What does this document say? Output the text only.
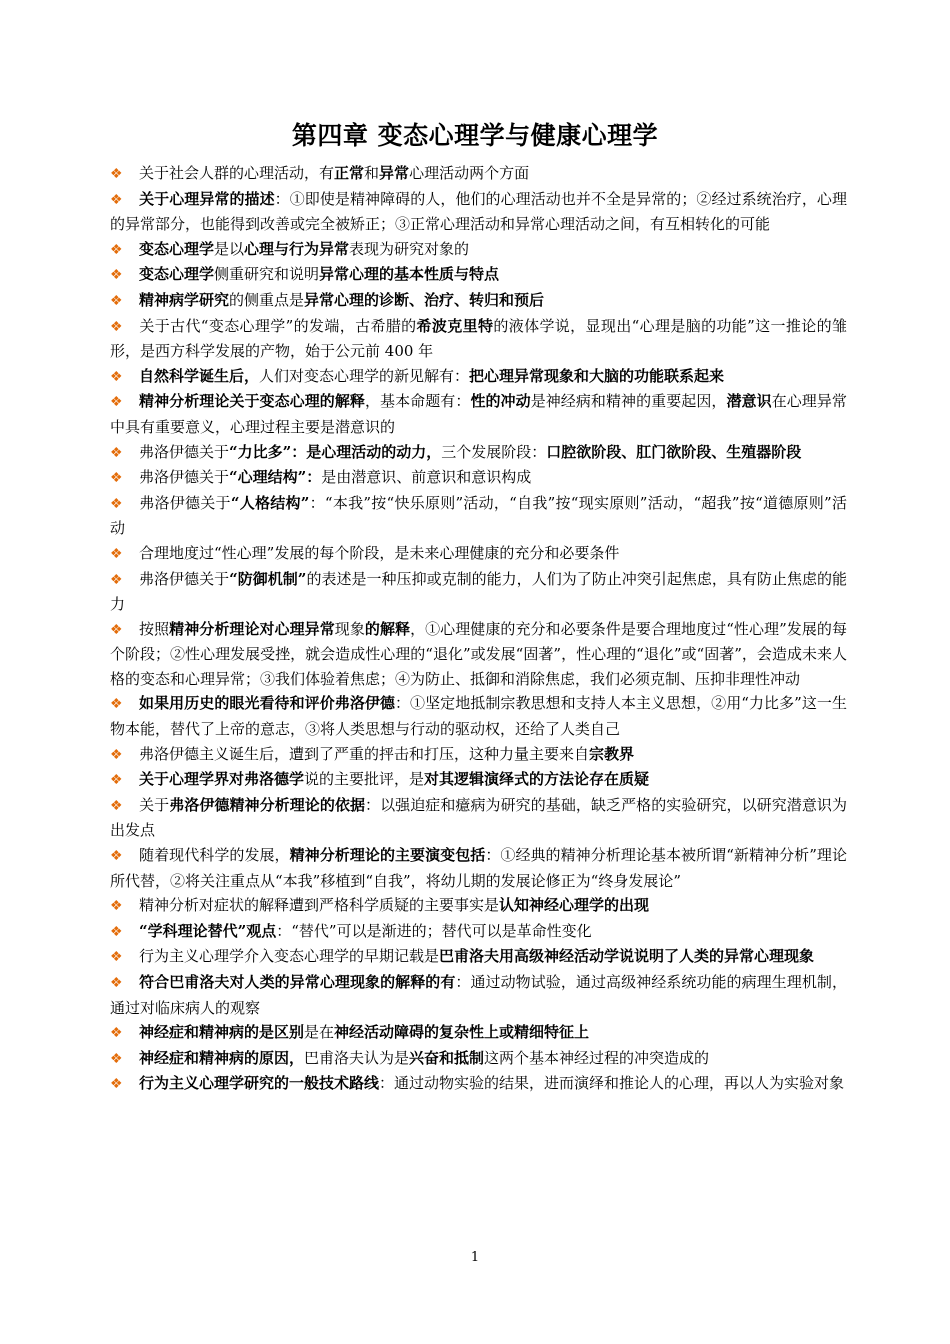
第四章 变态心理学与健康心理学

❖ 关于社会人群的心理活动，有正常和异常心理活动两个方面

❖ 关于心理异常的描述：①即使是精神障碍的人，他们的心理活动也并不全是异常的；②经过系统治疗，心理的异常部分，也能得到改善或完全被矫正；③正常心理活动和异常心理活动之间，有互相转化的可能

❖ 变态心理学是以心理与行为异常表现为研究对象的

❖ 变态心理学侧重研究和说明异常心理的基本性质与特点

❖ 精神病学研究的侧重点是异常心理的诊断、治疗、转归和预后

❖ 关于古代“变态心理学”的发端，古希腊的希波克里特的液体学说，显现出“心理是脑的功能”这一推论的雏形，是西方科学发展的产物，始于公元前 400 年

❖ 自然科学诞生后，人们对变态心理学的新见解有：把心理异常现象和大脑的功能联系起来

❖ 精神分析理论关于变态心理的解释，基本命题有：性的冲动是神经病和精神的重要起因，潜意识在心理异常中具有重要意义，心理过程主要是潜意识的

❖ 弗洛伊德关于“力比多”：是心理活动的动力，三个发展阶段：口腔欲阶段、肛门欲阶段、生殖器阶段

❖ 弗洛伊德关于“心理结构”：是由潜意识、前意识和意识构成

❖ 弗洛伊德关于“人格结构”：“本我”按“快乐原则”活动，“自我”按“现实原则”活动，“超我”按“道德原则”活动

❖ 合理地度过“性心理”发展的每个阶段，是未来心理健康的充分和必要条件

❖ 弗洛伊德关于“防御机制”的表述是一种压抑或克制的能力，人们为了防止冲突引起焦虑，具有防止焦虑的能力

❖ 按照精神分析理论对心理异常现象的解释，①心理健康的充分和必要条件是要合理地度过“性心理”发展的每个阶段；②性心理发展受挫，就会造成性心理的“退化”或发展“固著”，性心理的“退化”或“固著”，会造成未来人格的变态和心理异常；③我们体验着焦虑；④为防止、抵御和消除焦虑，我们必须克制、压抑非理性冲动

❖ 如果用历史的眼光看待和评价弗洛伊德：①坚定地抵制宗教思想和支持人本主义思想，②用“力比多”这一生物本能，替代了上帝的意志，③将人类思想与行动的驱动权，还给了人类自己

❖ 弗洛伊德主义诞生后，遭到了严重的抨击和打压，这种力量主要来自宗教界

❖ 关于心理学界对弗洛德学说的主要批评，是对其逻辑演绎式的方法论存在质疑

❖ 关于弗洛伊德精神分析理论的依据：以强迫症和癔病为研究的基础，缺乏严格的实验研究，以研究潜意识为出发点

❖ 随着现代科学的发展，精神分析理论的主要演变包括：①经典的精神分析理论基本被所谓“新精神分析”理论所代替，②将关注重点从“本我”移植到“自我”，将幼儿期的发展论修正为“终身发展论”

❖ 精神分析对症状的解释遭到严格科学质疑的主要事实是认知神经心理学的出现

❖ “学科理论替代”观点：“替代”可以是渐进的；替代可以是革命性变化

❖ 行为主义心理学介入变态心理学的早期记载是巴甫洛夫用高级神经活动学说说明了人类的异常心理现象

❖ 符合巴甫洛夫对人类的异常心理现象的解释的有：通过动物试验，通过高级神经系统功能的病理生理机制，通过对临床病人的观察

❖ 神经症和精神病的是区别是在神经活动障碍的复杂性上或精细特征上

❖ 神经症和精神病的原因，巴甫洛夫认为是兴奋和抵制这两个基本神经过程的冲突造成的

❖ 行为主义心理学研究的一般技术路线：通过动物实验的结果，进而演绎和推论人的心理，再以人为实验对象

1
